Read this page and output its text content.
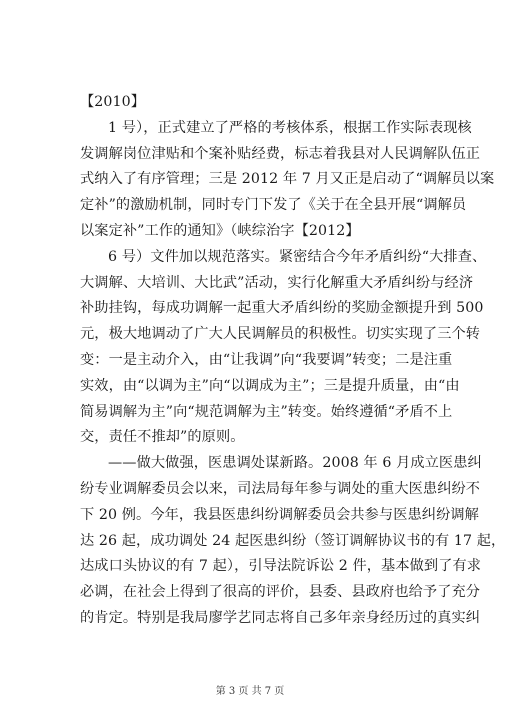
【2010】
1 号），正式建立了严格的考核体系，根据工作实际表现核
发调解岗位津贴和个案补贴经费，标志着我县对人民调解队伍正
式纳入了有序管理；三是 2012 年 7 月又正是启动了“调解员以案
定补”的激励机制，同时专门下发了《关于在全县开展“调解员
以案定补”工作的通知》（峡综治字【2012】
6 号）文件加以规范落实。紧密结合今年矛盾纠纷“大排查、
大调解、大培训、大比武”活动，实行化解重大矛盾纠纷与经济
补助挂钩，每成功调解一起重大矛盾纠纷的奖励金额提升到 500
元，极大地调动了广大人民调解员的积极性。切实实现了三个转
变：一是主动介入，由“让我调”向“我要调”转变；二是注重
实效，由“以调为主”向“以调成为主”；三是提升质量，由“由
简易调解为主”向“规范调解为主”转变。始终遵循“矛盾不上
交，责任不推却”的原则。
——做大做强，医患调处谋新路。2008 年 6 月成立医患纠
纷专业调解委员会以来，司法局每年参与调处的重大医患纠纷不
下 20 例。今年，我县医患纠纷调解委员会共参与医患纠纷调解
达 26 起，成功调处 24 起医患纠纷（签订调解协议书的有 17 起，
达成口头协议的有 7 起），引导法院诉讼 2 件，基本做到了有求
必调，在社会上得到了很高的评价，县委、县政府也给予了充分
的肯定。特别是我局廖学艺同志将自己多年亲身经历过的真实纠
第 3 页 共 7 页
